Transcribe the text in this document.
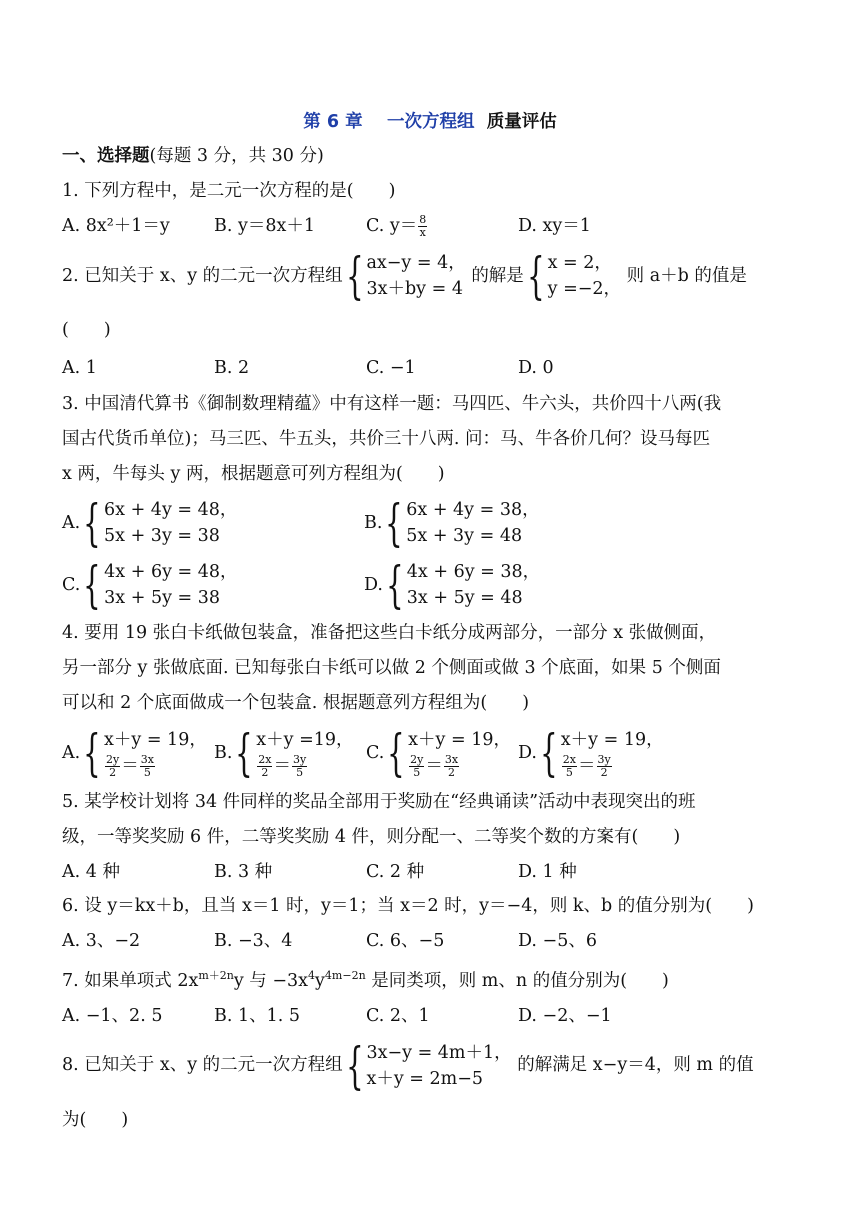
第 6 章 一次方程组 质量评估
一、选择题(每题 3 分，共 30 分)

1. 下列方程中，是二元一次方程的是(　　)

A. 8x²＋1＝y	B. y＝8x＋1	C. $y= \frac{8}{x}$	D. xy＝1
2. 已知关于 x、y 的二元一次方程组 { ax−y = 4，
3x＋by = 4

的解是 { x = 2，
y =−2，

则 a＋b 的值是

(　　)

A. 1	B. 2	C. −1	D. 0

3. 中国清代算书《御制数理精蕴》中有这样一题：马四匹、牛六头，共价四十八两(我

国古代货币单位)；马三匹、牛五头，共价三十八两. 问：马、牛各价几何？设马每匹

x 两，牛每头 y 两，根据题意可列方程组为(　　)

A. { 6x + 4y = 48，
5x + 3y = 38
B. { 6x + 4y = 38，
5x + 3y = 48
C. { 4x + 6y = 48，
3x + 5y = 38
D. { 4x + 6y = 38，
3x + 5y = 48

4. 要用 19 张白卡纸做包装盒，准备把这些白卡纸分成两部分，一部分 x 张做侧面，

另一部分 y 张做底面. 已知每张白卡纸可以做 2 个侧面或做 3 个底面，如果 5 个侧面

可以和 2 个底面做成一个包装盒. 根据题意列方程组为(　　)

A. { x＋y = 19，
$\frac{2y}{2} = \frac{3x}{5}$
B. { x＋y =19，
$\frac{2x}{2} = \frac{3y}{5}$
C. { x＋y = 19，
$\frac{2y}{5} = \frac{3x}{2}$
D. { x＋y = 19，
$\frac{2x}{5} = \frac{3y}{2}$

5. 某学校计划将 34 件同样的奖品全部用于奖励在“经典诵读”活动中表现突出的班

级，一等奖奖励 6 件，二等奖奖励 4 件，则分配一、二等奖个数的方案有(　　)

A. 4 种	B. 3 种	C. 2 种	D. 1 种

6. 设 y＝kx＋b，且当 x＝1 时，y＝1；当 x＝2 时，y＝−4，则 k、b 的值分别为(　　)

A. 3、−2	B. −3、4	C. 6、−5	D. −5、6

7. 如果单项式 $2x^{m+2n}y$ 与 $-3x^4y^{4m-2n}$ 是同类项，则 m、n 的值分别为(　　)

A. −1、2. 5	B. 1、1. 5	C. 2、1	D. −2、−1
8. 已知关于 x、y 的二元一次方程组 { 3x−y = 4m＋1，
x＋y = 2m−5

的解满足 x−y＝4，则 m 的值

为(　　)
